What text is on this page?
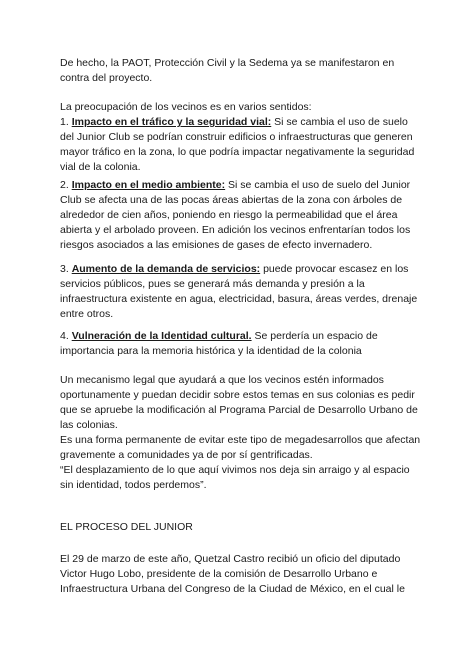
De hecho, la PAOT, Protección Civil y la Sedema ya se manifestaron en
contra del proyecto.

La preocupación de los vecinos es en varios sentidos:
1. Impacto en el tráfico y la seguridad vial: Si se cambia el uso de suelo
del Junior Club se podrían construir edificios o infraestructuras que generen
mayor tráfico en la zona, lo que podría impactar negativamente la seguridad
vial de la colonia.

2. Impacto en el medio ambiente: Si se cambia el uso de suelo del Junior
Club se afecta una de las pocas áreas abiertas de la zona con árboles de
alrededor de cien años, poniendo en riesgo la permeabilidad que el área
abierta y el arbolado proveen. En adición los vecinos enfrentarían todos los
riesgos asociados a las emisiones de gases de efecto invernadero.

3. Aumento de la demanda de servicios: puede provocar escasez en los
servicios públicos, pues se generará más demanda y presión a la
infraestructura existente en agua, electricidad, basura, áreas verdes, drenaje
entre otros.

4. Vulneración de la Identidad cultural. Se perdería un espacio de
importancia para la memoria histórica y la identidad de la colonia

Un mecanismo legal que ayudará a que los vecinos estén informados
oportunamente y puedan decidir sobre estos temas en sus colonias es pedir
que se apruebe la modificación al Programa Parcial de Desarrollo Urbano de
las colonias.
Es una forma permanente de evitar este tipo de megadesarrollos que afectan
gravemente a comunidades ya de por sí gentrificadas.
“El desplazamiento de lo que aquí vivimos nos deja sin arraigo y al espacio
sin identidad, todos perdemos”.

EL PROCESO DEL JUNIOR

El 29 de marzo de este año, Quetzal Castro recibió un oficio del diputado
Victor Hugo Lobo, presidente de la comisión de Desarrollo Urbano e
Infraestructura Urbana del Congreso de la Ciudad de México, en el cual le
